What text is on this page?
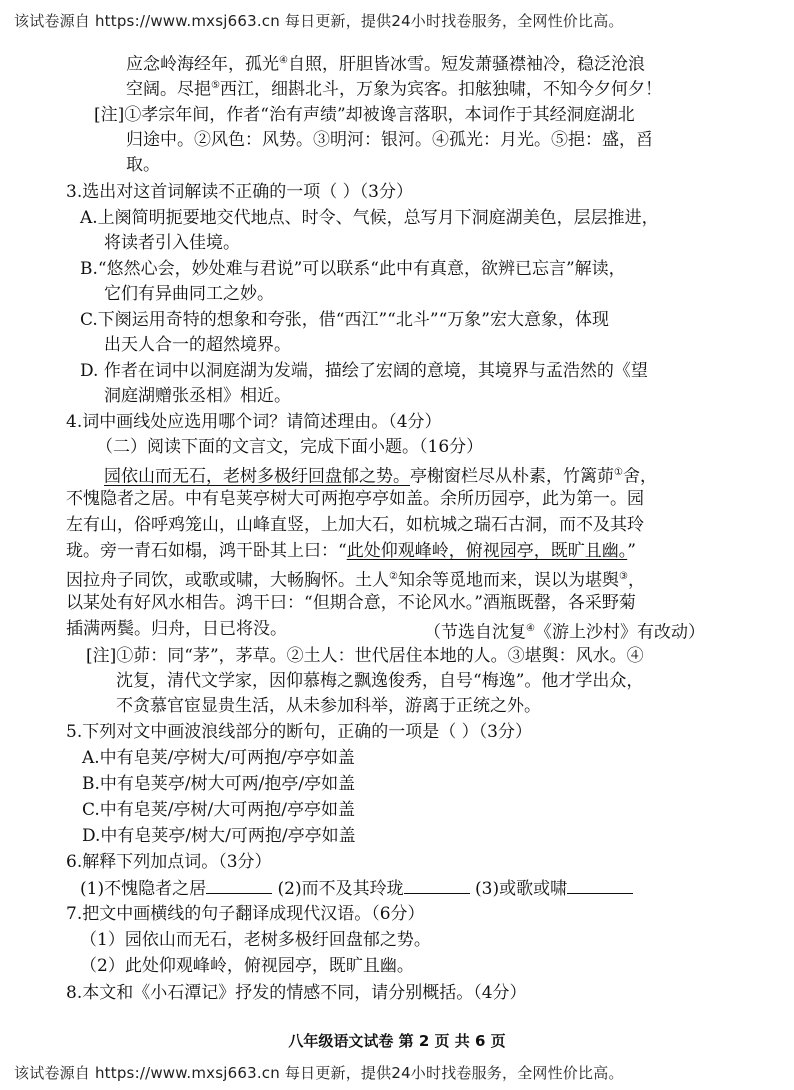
该试卷源自 https://www.mxsj663.cn 每日更新，提供24小时找卷服务，全网性价比高。
应念岭海经年，孤光④自照，肝胆皆冰雪。短发萧骚襟袖冷，稳泛沧浪
空阔。尽挹⑤西江，细斟北斗，万象为宾客。扣舷独啸，不知今夕何夕！
[注]①孝宗年间，作者“治有声绩”却被谗言落职，本词作于其经洞庭湖北
归途中。②风色：风势。③明河：银河。④孤光：月光。⑤挹：盛，舀
取。
3.选出对这首词解读不正确的一项（ ）（3分）
A.上阕简明扼要地交代地点、时令、气候，总写月下洞庭湖美色，层层推进，
将读者引入佳境。
B.“悠然心会，妙处难与君说”可以联系“此中有真意，欲辨已忘言”解读，
它们有异曲同工之妙。
C.下阕运用奇特的想象和夸张，借“西江”“北斗”“万象”宏大意象，体现
出天人合一的超然境界。
D. 作者在词中以洞庭湖为发端，描绘了宏阔的意境，其境界与孟浩然的《望
洞庭湖赠张丞相》相近。
4.词中画线处应选用哪个词？请简述理由。（4分）
（二）阅读下面的文言文，完成下面小题。（16分）
园依山而无石，老树多极纡回盘郁之势。亭榭窗栏尽从朴素，竹篱茆①舍，
不愧隐者之居。中有皂荚亭树大可两抱亭亭如盖。余所历园亭，此为第一。园
左有山，俗呼鸡笼山，山峰直竖，上加大石，如杭城之瑞石古洞，而不及其玲
珑。旁一青石如榻，鸿干卧其上曰：“此处仰观峰岭，俯视园亭，既旷且幽。”
因拉舟子同饮，或歌或啸，大畅胸怀。土人②知余等觅地而来，误以为堪舆③，
以某处有好风水相告。鸿干曰：“但期合意，不论风水。”酒瓶既罄，各采野菊
插满两鬓。归舟，日已将没。	（节选自沈复④《游上沙村》有改动）
[注]①茆：同“茅”，茅草。②土人：世代居住本地的人。③堪舆：风水。④
沈复，清代文学家，因仰慕梅之飘逸俊秀，自号“梅逸”。他才学出众，
不贪慕官宦显贵生活，从未参加科举，游离于正统之外。
5.下列对文中画波浪线部分的断句，正确的一项是（ ）（3分）
A.中有皂荚/亭树大/可两抱/亭亭如盖
B.中有皂荚亭/树大可两/抱亭/亭如盖
C.中有皂荚/亭树/大可两抱/亭亭如盖
D.中有皂荚亭/树大/可两抱/亭亭如盖
6.解释下列加点词。（3分）
(1)不愧隐者之居	(2)而不及其玲珑	(3)或歌或啸
7.把文中画横线的句子翻译成现代汉语。（6分）
（1）园依山而无石，老树多极纡回盘郁之势。
（2）此处仰观峰岭，俯视园亭，既旷且幽。
8.本文和《小石潭记》抒发的情感不同，请分别概括。（4分）
八年级语文试卷 第 2 页 共 6 页
该试卷源自 https://www.mxsj663.cn 每日更新，提供24小时找卷服务，全网性价比高。
